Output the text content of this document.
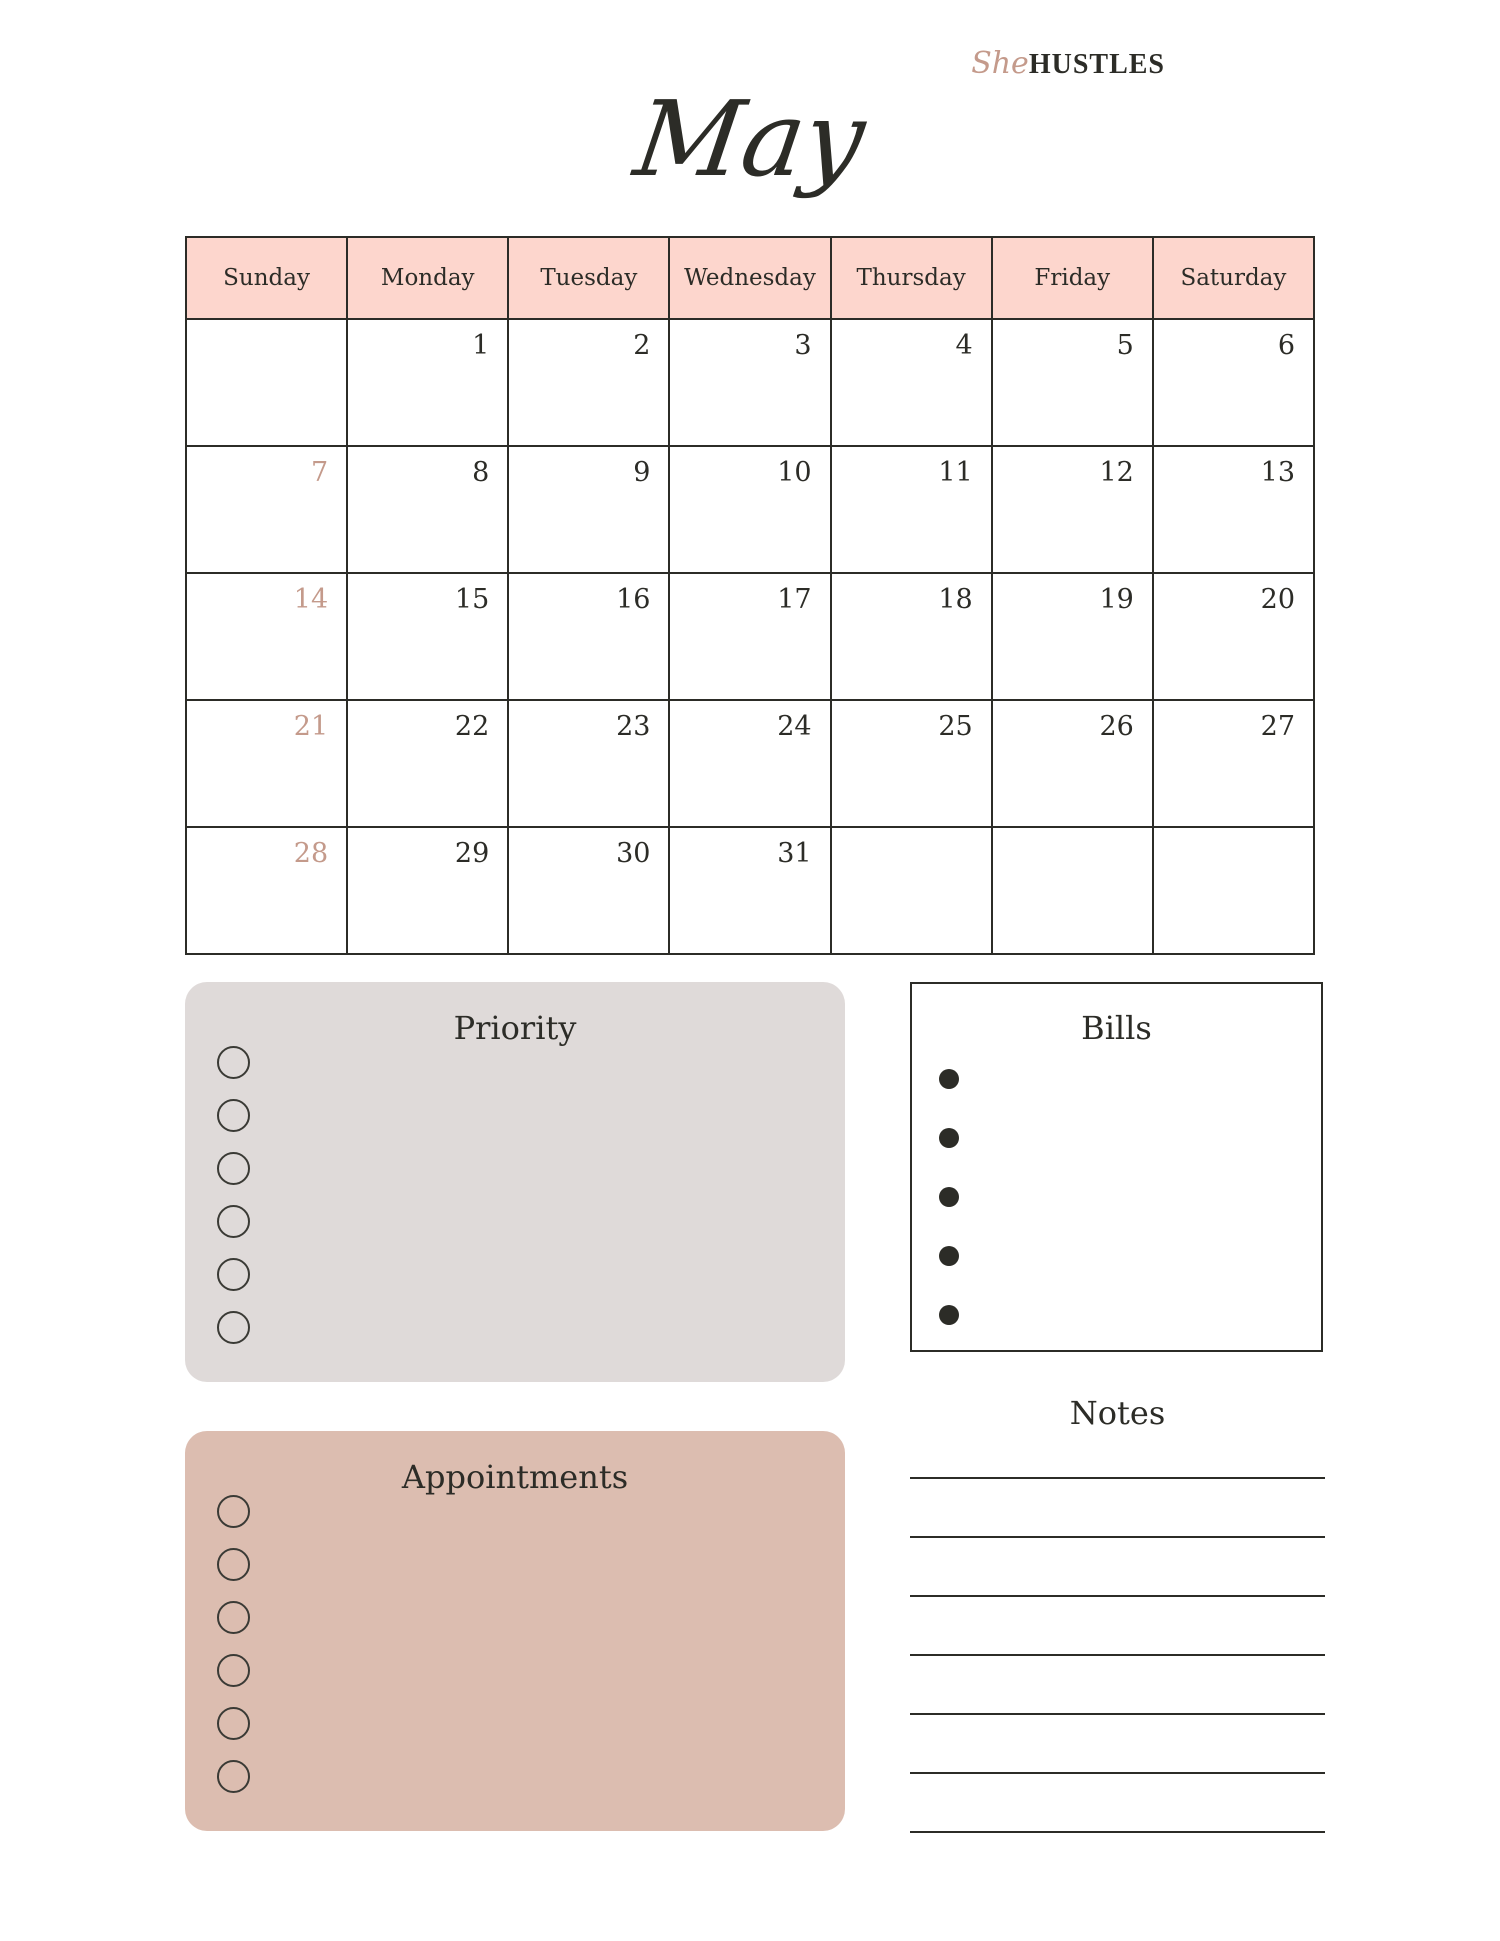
She HUSTLES
May
Sunday	Monday	Tuesday	Wednesday	Thursday	Friday	Saturday
	1	2	3	4	5	6
7	8	9	10	11	12	13
14	15	16	17	18	19	20
21	22	23	24	25	26	27
28	29	30	31			
Priority	Bills
Appointments
Notes
